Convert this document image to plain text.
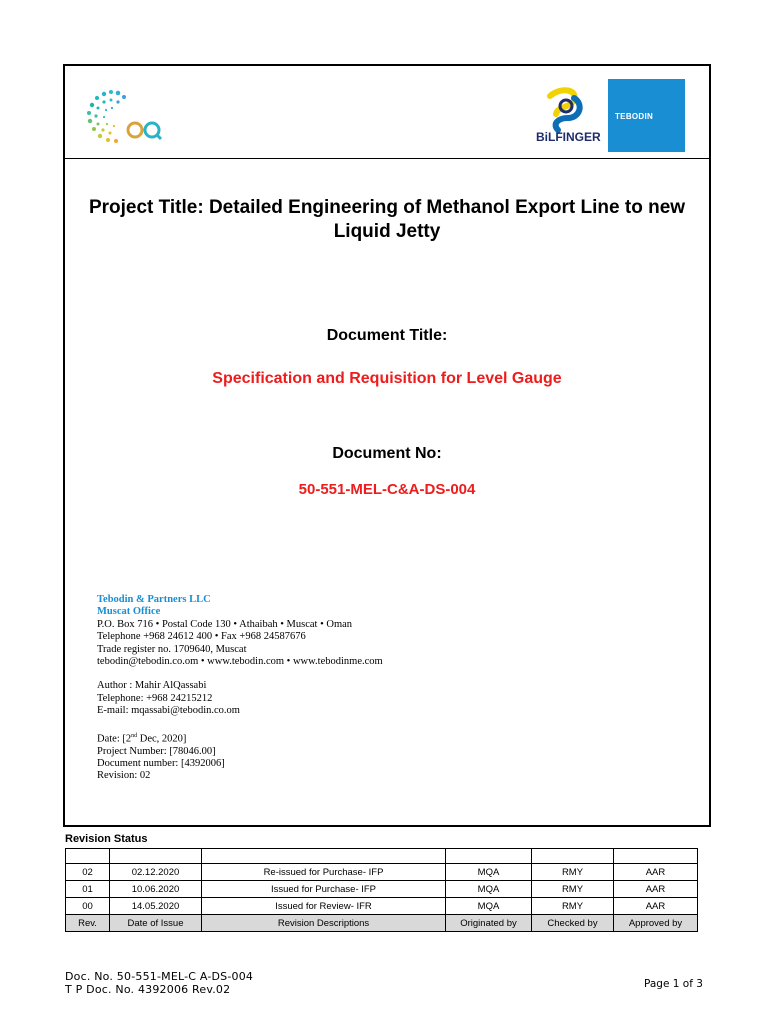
BiLFINGER
TEBODIN
Project Title: Detailed Engineering of Methanol Export Line to new Liquid Jetty
Document Title:
Specification and Requisition for Level Gauge
Document No:
50-551-MEL-C&A-DS-004
Tebodin & Partners LLC
Muscat Office
P.O. Box 716 • Postal Code 130 • Athaibah • Muscat • Oman
Telephone +968 24612 400 • Fax +968 24587676
Trade register no. 1709640, Muscat
tebodin@tebodin.co.om • www.tebodin.com • www.tebodinme.com
Author : Mahir AlQassabi
Telephone: +968 24215212
E-mail: mqassabi@tebodin.co.om
Date: [2nd Dec, 2020]
Project Number: [78046.00]
Document number: [4392006]
Revision: 02
Revision Status

02	02.12.2020	Re-issued for Purchase- IFP	MQA	RMY	AAR
01	10.06.2020	Issued for Purchase- IFP	MQA	RMY	AAR
00	14.05.2020	Issued for Review- IFR	MQA	RMY	AAR
Rev.	Date of Issue	Revision Descriptions	Originated by	Checked by	Approved by
Doc. No. 50-551-MEL-C A-DS-004
T P Doc. No. 4392006 Rev.02	Page 1 of 3
